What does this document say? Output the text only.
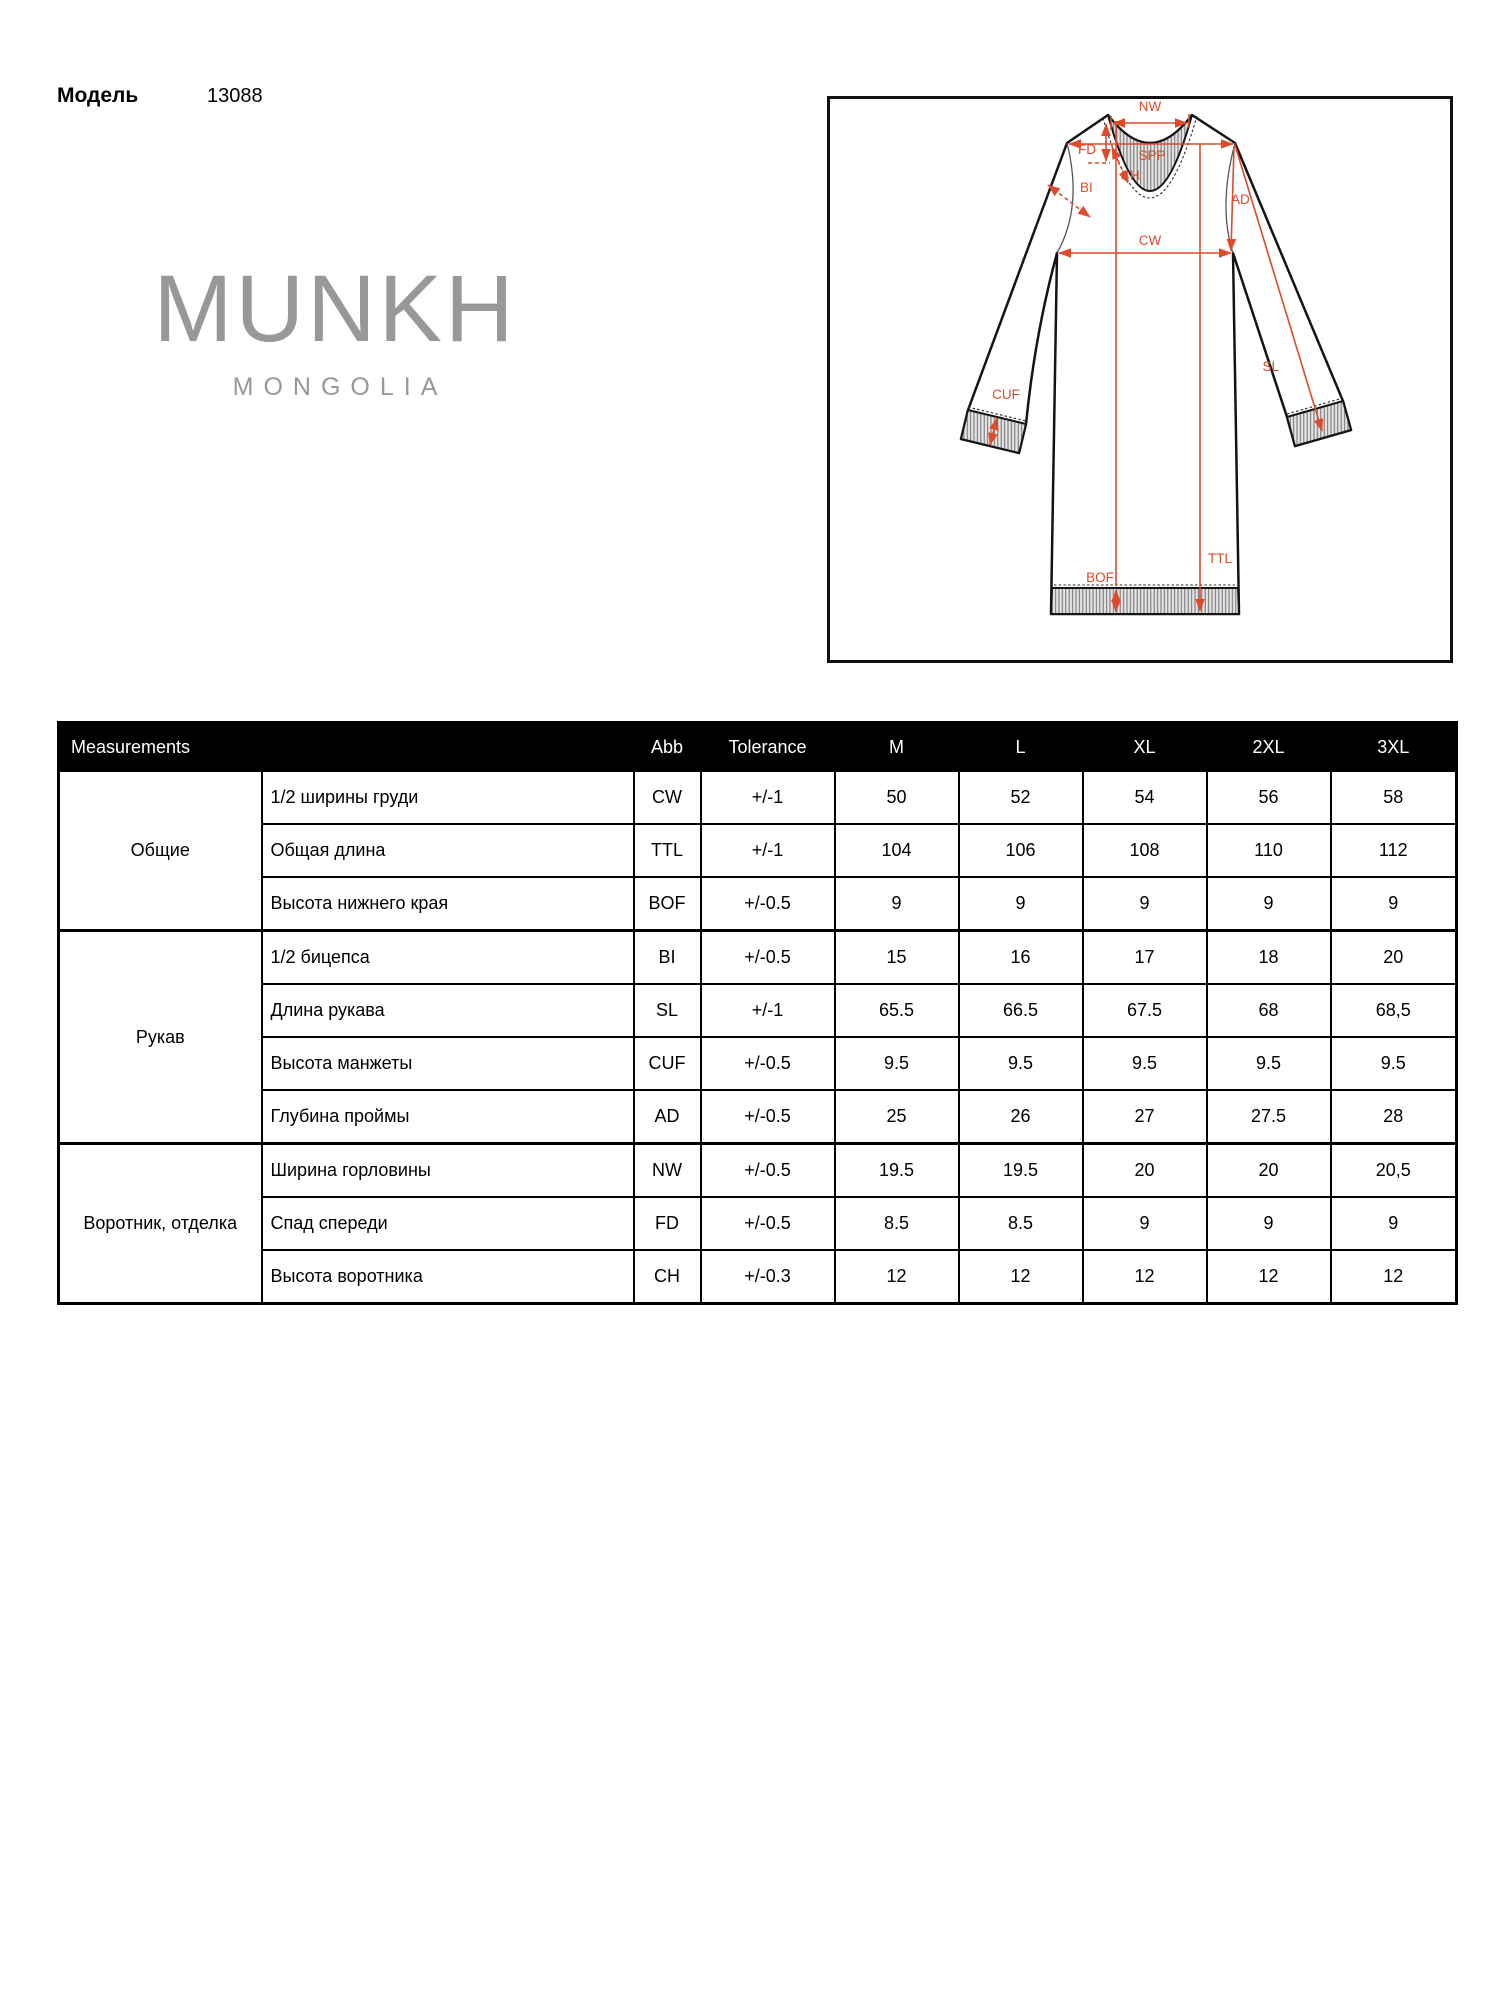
Модель	13088
MUNKH
MONGOLIA
NW
SPP
FD
CH
BI
CW
AD
SL
CUF
TTL
BOF
Measurements		Abb	Tolerance	M	L	XL	2XL	3XL
Общие	1/2 ширины груди	CW	+/-1	50	52	54	56	58
	Общая длина	TTL	+/-1	104	106	108	110	112
	Высота нижнего края	BOF	+/-0.5	9	9	9	9	9
Рукав	1/2 бицепса	BI	+/-0.5	15	16	17	18	20
	Длина рукава	SL	+/-1	65.5	66.5	67.5	68	68,5
	Высота манжеты	CUF	+/-0.5	9.5	9.5	9.5	9.5	9.5
	Глубина проймы	AD	+/-0.5	25	26	27	27.5	28
Воротник, отделка	Ширина горловины	NW	+/-0.5	19.5	19.5	20	20	20,5
	Спад спереди	FD	+/-0.5	8.5	8.5	9	9	9
	Высота воротника	CH	+/-0.3	12	12	12	12	12
